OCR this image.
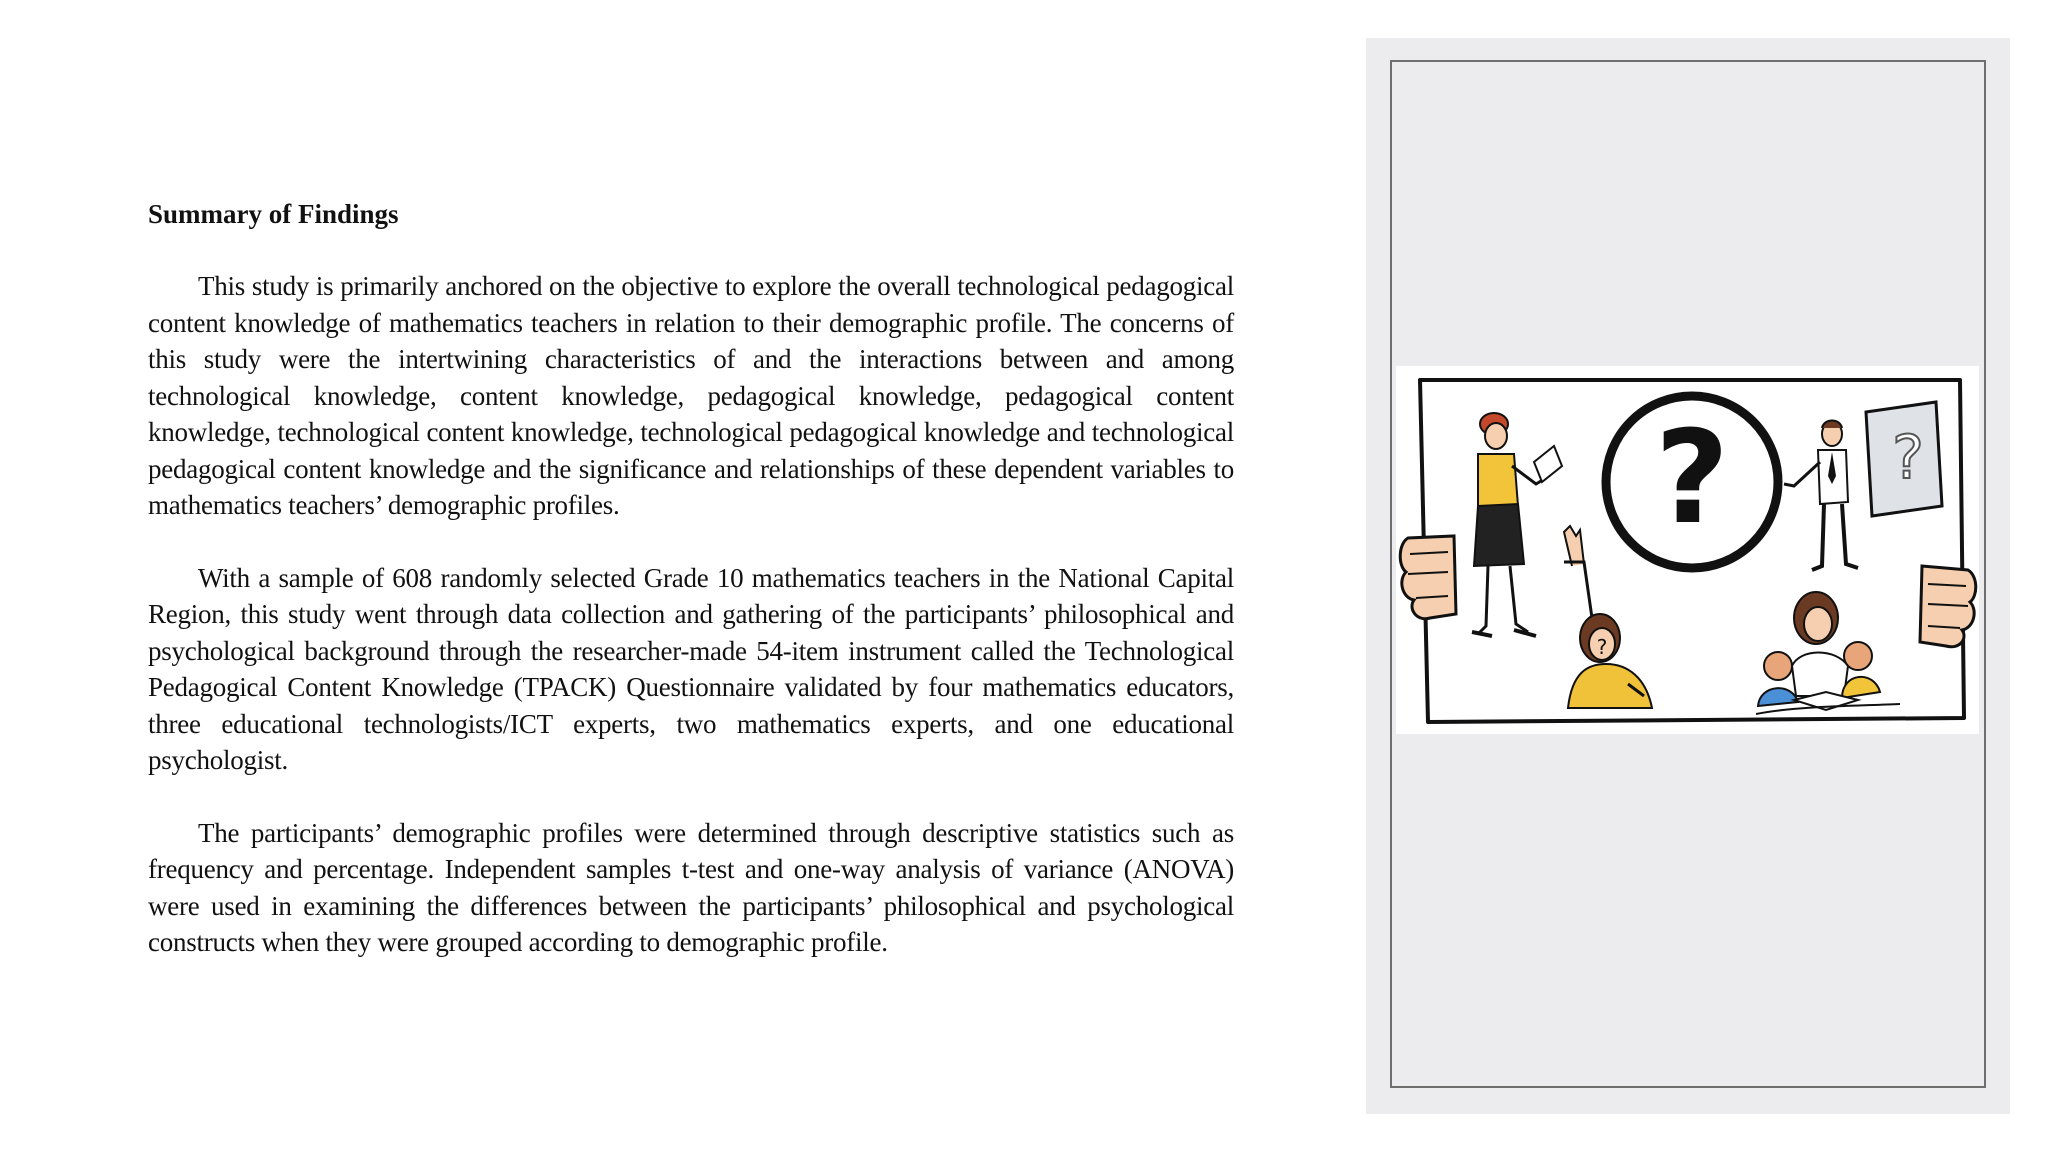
Summary of Findings

This study is primarily anchored on the objective to explore the overall technological pedagogical content knowledge of mathematics teachers in relation to their demographic profile. The concerns of this study were the intertwining characteristics of and the interactions between and among technological knowledge, content knowledge, pedagogical knowledge, pedagogical content knowledge, technological content knowledge, technological pedagogical knowledge and technological pedagogical content knowledge and the significance and relationships of these dependent variables to mathematics teachers’ demographic profiles.

With a sample of 608 randomly selected Grade 10 mathematics teachers in the National Capital Region, this study went through data collection and gathering of the participants’ philosophical and psychological background through the researcher-made 54-item instrument called the Technological Pedagogical Content Knowledge (TPACK) Questionnaire validated by four mathematics educators, three educational technologists/ICT experts, two mathematics experts, and one educational psychologist.

The participants’ demographic profiles were determined through descriptive statistics such as frequency and percentage. Independent samples t-test and one-way analysis of variance (ANOVA) were used in examining the differences between the participants’ philosophical and psychological constructs when they were grouped according to demographic profile.

?
?
?
